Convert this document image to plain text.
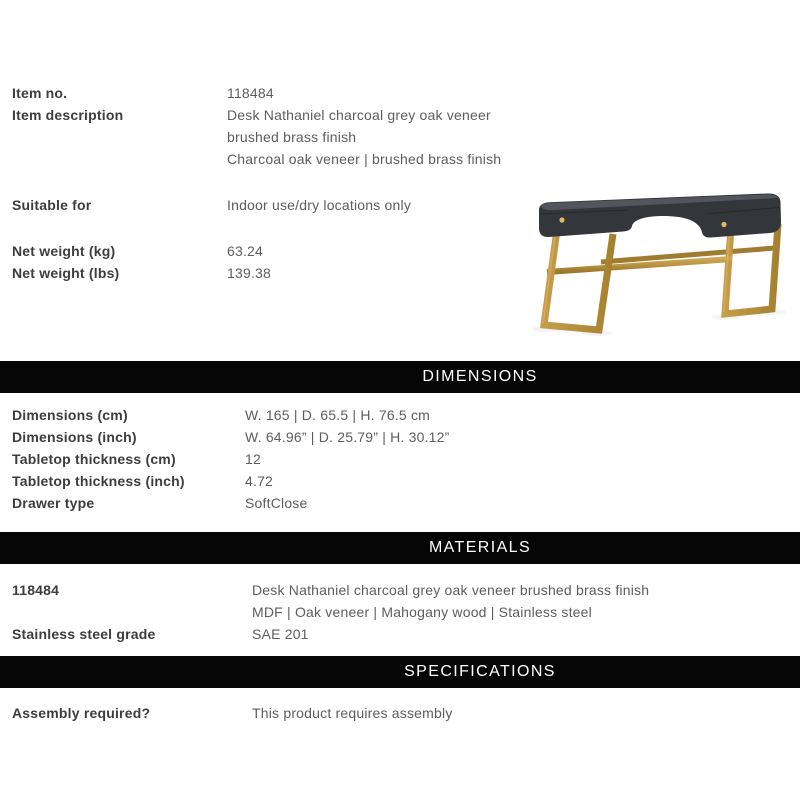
Item no.	118484
Item description	Desk Nathaniel charcoal grey oak veneer brushed brass finish
Charcoal oak veneer | brushed brass finish
Suitable for	Indoor use/dry locations only
Net weight (kg)	63.24
Net weight (lbs)	139.38
DIMENSIONS
Dimensions (cm)	W. 165 | D. 65.5 | H. 76.5 cm
Dimensions (inch)	W. 64.96” | D. 25.79” | H. 30.12”
Tabletop thickness (cm)	12
Tabletop thickness (inch)	4.72
Drawer type	SoftClose
MATERIALS
118484	Desk Nathaniel charcoal grey oak veneer brushed brass finish
MDF | Oak veneer | Mahogany wood | Stainless steel
Stainless steel grade	SAE 201
SPECIFICATIONS
Assembly required?	This product requires assembly
